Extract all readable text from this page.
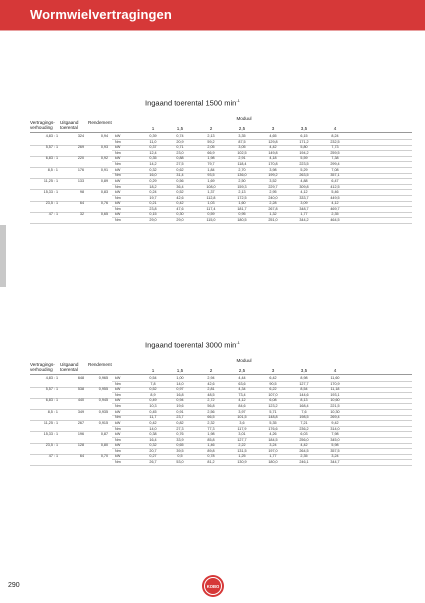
Wormwielvertragingen
Ingaand toerental 1500 $\min^{-1}$
Vertragings-
verhouding
Uitgaand
toerental
Rendement
Moduul
1	1,5	2	2,5	3	3,5	4
4,83 : 1	324	0,94 kW	0,39	0,74	2,13	3,35	4,65	6,15	8,24
Nm	11,0	20,9	59,2	87,5	129,8	171,2	232,5
5,57 : 1	269	0,93 kW	0,37	0,71	2,05	3,05	4,42	5,80	7,73
Nm	12,4	23,0	66,9	102,5	149,8	194,2	259,5
6,83 : 1	220	0,92 kW	0,35	0,88	1,98	2,91	4,18	5,59	7,38
Nm	14,2	27,5	79,7	118,4	170,8	223,5	299,4
8,5 : 1	176	0,91 kW	0,32	0,62	1,84	2,70	3,98	5,29	7,08
Nm	16,0	31,4	93,5	136,0	199,2	263,5	357,1
11,25 : 1	133	0,89 kW	0,29	0,56	1,69	2,50	3,52	4,88	6,47
Nm	18,2	36,4	108,0	159,3	229,7	309,8	412,5
15,33 : 1	98	0,83 kW	0,24	0,52	1,37	2,13	2,95	4,12	5,46
Nm	19,7	42,6	112,8	172,5	240,0	333,7	449,5
23,5 : 1	64	0,76 kW	0,21	0,42	1,03	1,60	2,28	3,09	4,12
Nm	23,8	47,6	117,4	181,7	267,8	348,7	469,7
47 : 1	32	0,65 kW	0,15	0,30	0,59	0,95	1,32	1,77	2,35
Nm	29,0	29,0	115,0	180,5	251,0	344,2	464,5
Ingaand toerental 3000 $\min^{-1}$
Vertragings-
verhouding
Uitgaand
toerental
Rendement
Moduul
1	1,5	2	2,5	3	3,5	4
4,83 : 1	648	0,965 kW	0,54	1,00	2,94	4,44	6,42	8,98	11,60
Nm	7,8	14,0	42,6	63,6	90,5	127,7	170,9
5,57 : 1	538	0,955 kW	0,52	0,97	2,81	4,34	6,22	8,54	11,18
Nm	8,9	16,8	48,5	73,4	107,0	144,6	193,1
6,83 : 1	440	0,945 kW	0,49	0,94	2,72	4,12	6,08	8,13	10,60
Nm	10,3	19,6	56,8	84,6	123,2	168,4	221,5
8,5 : 1	349	0,935 kW	0,45	0,91	2,56	3,97	5,71	7,6	10,30
Nm	11,7	23,7	66,5	101,5	148,8	198,5	269,4
11,25 : 1	267	0,915 kW	0,42	0,82	2,32	3,6	5,35	7,21	9,42
Nm	14,0	27,3	77,3	117,9	176,6	236,2	314,0
15,33 : 1	196	0,87 kW	0,38	0,76	1,98	3,01	4,26	6,03	7,98
Nm	16,4	33,9	85,8	127,7	184,5	256,0	345,0
23,5 : 1	128	0,80 kW	0,32	0,65	1,46	2,22	3,24	4,42	5,98
Nm	20,7	39,5	89,8	131,5	197,0	264,5	357,5
47 : 1	64	0,70 kW	0,27	0,5	0,78	1,25	1,77	2,35	3,24
Nm	26,7	53,0	81,2	130,9	180,0	246,1	344,7
290	KOBO
